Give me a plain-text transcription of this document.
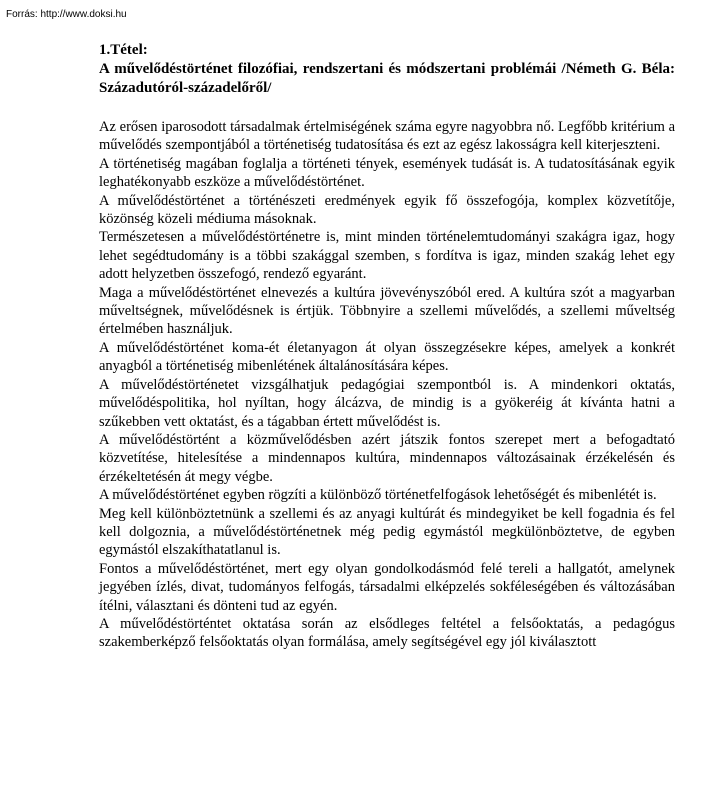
Forrás: http://www.doksi.hu
1.Tétel:
A művelődéstörténet filozófiai, rendszertani és módszertani problémái /Németh G. Béla: Századutóról-századelőről/

Az erősen iparosodott társadalmak értelmiségének száma egyre nagyobbra nő. Legfőbb kritérium a művelődés szempontjából a történetiség tudatosítása és ezt az egész lakosságra kell kiterjeszteni.

A történetiség magában foglalja a történeti tények, események tudását is. A tudatosításának egyik leghatékonyabb eszköze a művelődéstörténet.

A művelődéstörténet a történészeti eredmények egyik fő összefogója, komplex közvetítője, közönség közeli médiuma másoknak.

Természetesen a művelődéstörténetre is, mint minden történelemtudományi szakágra igaz, hogy lehet segédtudomány is a többi szakággal szemben, s fordítva is igaz, minden szakág lehet egy adott helyzetben összefogó, rendező egyaránt.

Maga a művelődéstörténet elnevezés a kultúra jövevényszóból ered. A kultúra szót a magyarban műveltségnek, művelődésnek is értjük. Többnyire a szellemi művelődés, a szellemi műveltség értelmében használjuk.

A művelődéstörténet koma-ét életanyagon át olyan összegzésekre képes, amelyek a konkrét anyagból a történetiség mibenlétének általánosítására képes.

A művelődéstörténetet vizsgálhatjuk pedagógiai szempontból is. A mindenkori oktatás, művelődéspolitika, hol nyíltan, hogy álcázva, de mindig is a gyökeréig át kívánta hatni a szűkebben vett oktatást, és a tágabban értett művelődést is.

A művelődéstörtént a közművelődésben azért játszik fontos szerepet mert a befogadtató közvetítése, hitelesítése a mindennapos kultúra, mindennapos változásainak érzékelésén és érzékeltetésén át megy végbe.

A művelődéstörténet egyben rögzíti a különböző történetfelfogások lehetőségét és mibenlétét is.

Meg kell különböztetnünk a szellemi és az anyagi kultúrát és mindegyiket be kell fogadnia és fel kell dolgoznia, a művelődéstörténetnek még pedig egymástól megkülönböztetve, de egyben egymástól elszakíthatatlanul is.

Fontos a művelődéstörténet, mert egy olyan gondolkodásmód felé tereli a hallgatót, amelynek jegyében ízlés, divat, tudományos felfogás, társadalmi elképzelés sokféleségében és változásában ítélni, választani és dönteni tud az egyén.

A művelődéstörténtet oktatása során az elsődleges feltétel a felsőoktatás, a pedagógus szakemberképző felsőoktatás olyan formálása, amely segítségével egy jól kiválasztott
